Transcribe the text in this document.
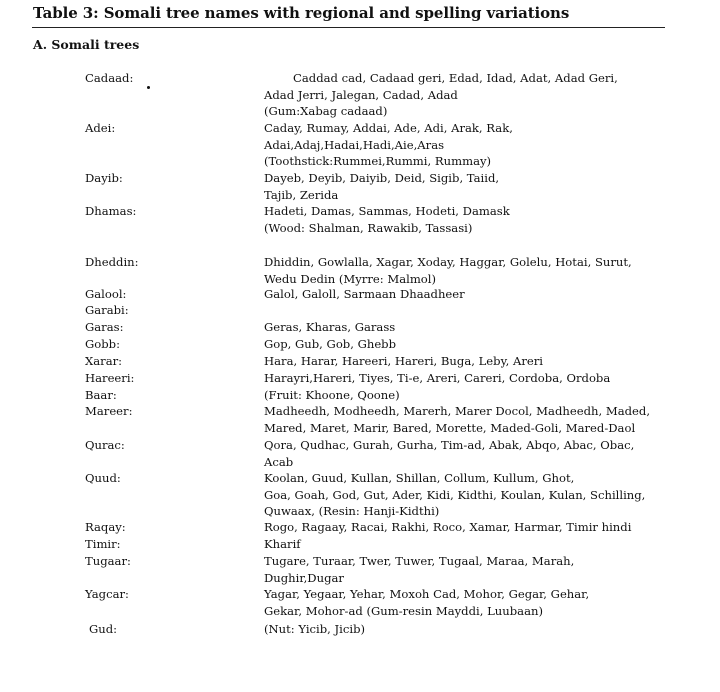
Table 3: Somali tree names with regional and spelling variations
A. Somali trees
Cadaad:	Caddad cad, Cadaad geri, Edad, Idad, Adat, Adad Geri,
Adad Jerri, Jalegan, Cadad, Adad
(Gum:Xabag cadaad)
Adei:	Caday, Rumay, Addai, Ade, Adi, Arak, Rak,
Adai,Adaj,Hadai,Hadi,Aie,Aras
(Toothstick:Rummei,Rummi, Rummay)
Dayib:	Dayeb, Deyib, Daiyib, Deid, Sigib, Taiid,
Tajib, Zerida
Dhamas:	Hadeti, Damas, Sammas, Hodeti, Damask
(Wood: Shalman, Rawakib, Tassasi)
Dheddin:	Dhiddin, Gowlalla, Xagar, Xoday, Haggar, Golelu, Hotai, Surut,
Wedu Dedin (Myrre: Malmol)
Galool:	Galol, Galoll, Sarmaan Dhaadheer
Garabi:
Garas:	Geras, Kharas, Garass
Gobb:	Gop, Gub, Gob, Ghebb
Xarar:	Hara, Harar, Hareeri, Hareri, Buga, Leby, Areri
Hareeri:	Harayri,Hareri, Tiyes, Ti-e, Areri, Careri, Cordoba, Ordoba
Baar:	(Fruit: Khoone, Qoone)
Mareer:	Madheedh, Modheedh, Marerh, Marer Docol, Madheedh, Maded,
Mared, Maret, Marir, Bared, Morette, Maded-Goli, Mared-Daol
Qurac:	Qora, Qudhac, Gurah, Gurha, Tim-ad, Abak, Abqo, Abac, Obac,
Acab
Quud:	Koolan, Guud, Kullan, Shillan, Collum, Kullum, Ghot,
Goa, Goah, God, Gut, Ader, Kidi, Kidthi, Koulan, Kulan, Schilling,
Quwaax, (Resin: Hanji-Kidthi)
Raqay:	Rogo, Ragaay, Racai, Rakhi, Roco, Xamar, Harmar, Timir hindi
Timir:	Kharif
Tugaar:	Tugare, Turaar, Twer, Tuwer, Tugaal, Maraa, Marah,
Dughir,Dugar
Yagcar:	Yagar, Yegaar, Yehar, Moxoh Cad, Mohor, Gegar, Gehar,
Gekar, Mohor-ad (Gum-resin Mayddi, Luubaan)
Gud:	(Nut: Yicib, Jicib)
